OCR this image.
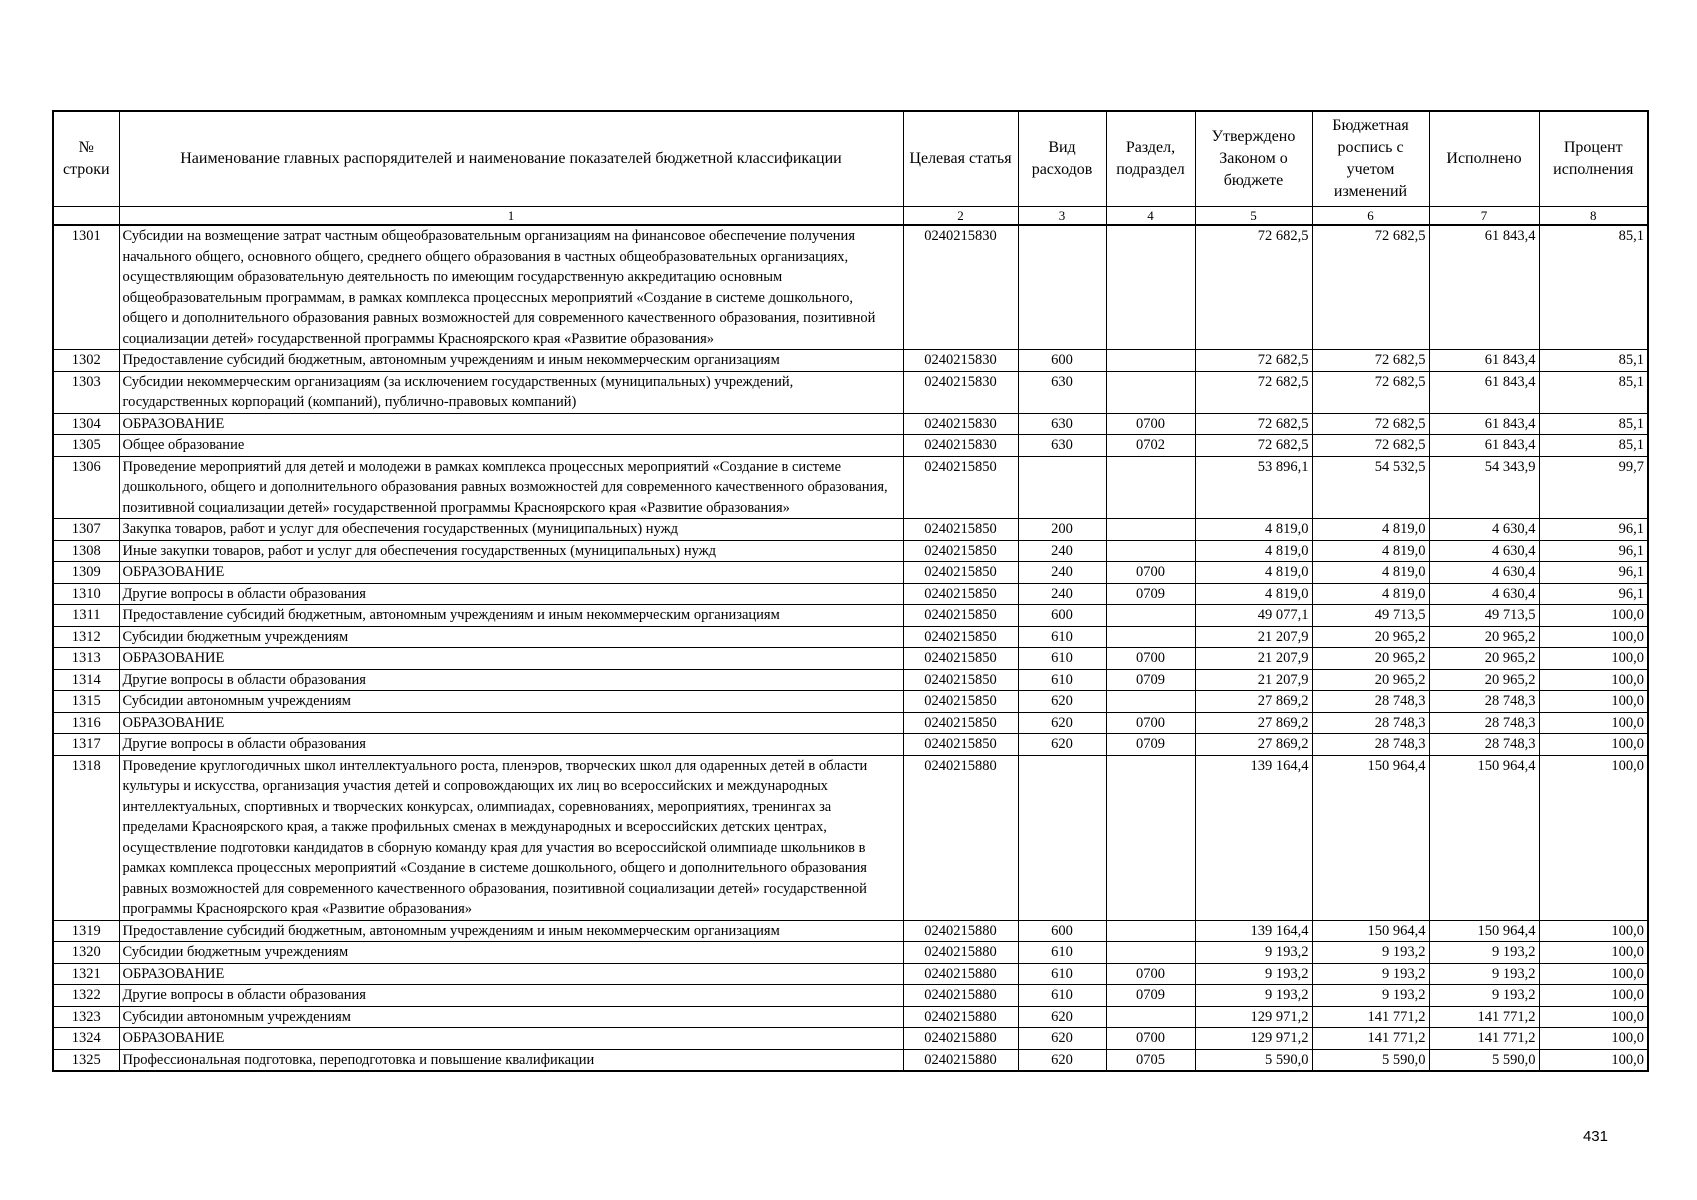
№ строки	Наименование главных распорядителей и наименование показателей бюджетной классификации	Целевая статья	Вид расходов	Раздел, подраздел	Утверждено Законом о бюджете	Бюджетная роспись с учетом изменений	Исполнено	Процент исполнения
	1	2	3	4	5	6	7	8
1301	Субсидии на возмещение затрат частным общеобразовательным организациям на финансовое обеспечение получения начального общего, основного общего, среднего общего образования в частных общеобразовательных организациях, осуществляющим образовательную деятельность по имеющим государственную аккредитацию основным общеобразовательным программам, в рамках комплекса процессных мероприятий «Создание в системе дошкольного, общего и дополнительного образования равных возможностей для современного качественного образования, позитивной социализации детей» государственной программы Красноярского края «Развитие образования»	0240215830			72 682,5	72 682,5	61 843,4	85,1
1302	Предоставление субсидий бюджетным, автономным учреждениям и иным некоммерческим организациям	0240215830	600		72 682,5	72 682,5	61 843,4	85,1
1303	Субсидии некоммерческим организациям (за исключением государственных (муниципальных) учреждений, государственных корпораций (компаний), публично-правовых компаний)	0240215830	630		72 682,5	72 682,5	61 843,4	85,1
1304	ОБРАЗОВАНИЕ	0240215830	630	0700	72 682,5	72 682,5	61 843,4	85,1
1305	Общее образование	0240215830	630	0702	72 682,5	72 682,5	61 843,4	85,1
1306	Проведение мероприятий для детей и молодежи в рамках комплекса процессных мероприятий «Создание в системе дошкольного, общего и дополнительного образования равных возможностей для современного качественного образования, позитивной социализации детей» государственной программы Красноярского края «Развитие образования»	0240215850			53 896,1	54 532,5	54 343,9	99,7
1307	Закупка товаров, работ и услуг для обеспечения государственных (муниципальных) нужд	0240215850	200		4 819,0	4 819,0	4 630,4	96,1
1308	Иные закупки товаров, работ и услуг для обеспечения государственных (муниципальных) нужд	0240215850	240		4 819,0	4 819,0	4 630,4	96,1
1309	ОБРАЗОВАНИЕ	0240215850	240	0700	4 819,0	4 819,0	4 630,4	96,1
1310	Другие вопросы в области образования	0240215850	240	0709	4 819,0	4 819,0	4 630,4	96,1
1311	Предоставление субсидий бюджетным, автономным учреждениям и иным некоммерческим организациям	0240215850	600		49 077,1	49 713,5	49 713,5	100,0
1312	Субсидии бюджетным учреждениям	0240215850	610		21 207,9	20 965,2	20 965,2	100,0
1313	ОБРАЗОВАНИЕ	0240215850	610	0700	21 207,9	20 965,2	20 965,2	100,0
1314	Другие вопросы в области образования	0240215850	610	0709	21 207,9	20 965,2	20 965,2	100,0
1315	Субсидии автономным учреждениям	0240215850	620		27 869,2	28 748,3	28 748,3	100,0
1316	ОБРАЗОВАНИЕ	0240215850	620	0700	27 869,2	28 748,3	28 748,3	100,0
1317	Другие вопросы в области образования	0240215850	620	0709	27 869,2	28 748,3	28 748,3	100,0
1318	Проведение круглогодичных школ интеллектуального роста, пленэров, творческих школ для одаренных детей в области культуры и искусства, организация участия детей и сопровождающих их лиц во всероссийских и международных интеллектуальных, спортивных и творческих конкурсах, олимпиадах, соревнованиях, мероприятиях, тренингах за пределами Красноярского края, а также профильных сменах в международных и всероссийских детских центрах, осуществление подготовки кандидатов в сборную команду края для участия во всероссийской олимпиаде школьников в рамках комплекса процессных мероприятий «Создание в системе дошкольного, общего и дополнительного образования равных возможностей для современного качественного образования, позитивной социализации детей» государственной программы Красноярского края «Развитие образования»	0240215880			139 164,4	150 964,4	150 964,4	100,0
1319	Предоставление субсидий бюджетным, автономным учреждениям и иным некоммерческим организациям	0240215880	600		139 164,4	150 964,4	150 964,4	100,0
1320	Субсидии бюджетным учреждениям	0240215880	610		9 193,2	9 193,2	9 193,2	100,0
1321	ОБРАЗОВАНИЕ	0240215880	610	0700	9 193,2	9 193,2	9 193,2	100,0
1322	Другие вопросы в области образования	0240215880	610	0709	9 193,2	9 193,2	9 193,2	100,0
1323	Субсидии автономным учреждениям	0240215880	620		129 971,2	141 771,2	141 771,2	100,0
1324	ОБРАЗОВАНИЕ	0240215880	620	0700	129 971,2	141 771,2	141 771,2	100,0
1325	Профессиональная подготовка, переподготовка и повышение квалификации	0240215880	620	0705	5 590,0	5 590,0	5 590,0	100,0
431
